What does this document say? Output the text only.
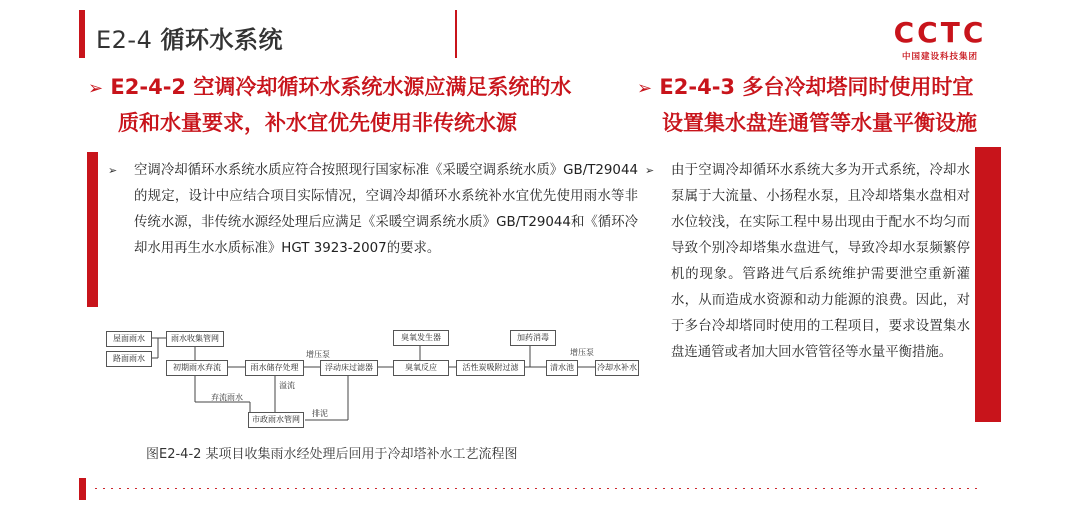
E2-4 循环水系统	CCTC
中国建设科技集团
➢ E2-4-2 空调冷却循环水系统水源应满足系统的水
质和水量要求，补水宜优先使用非传统水源
➢ E2-4-3 多台冷却塔同时使用时宜
设置集水盘连通管等水量平衡设施
➢	空调冷却循环水系统水质应符合按照现行国家标准《采暖空调系统水质》GB/T29044的规定，设计中应结合项目实际情况，空调冷却循环水系统补水宜优先使用雨水等非传统水源，非传统水源经处理后应满足《采暖空调系统水质》GB/T29044和《循环冷却水用再生水水质标准》HGT 3923-2007的要求。
屋面雨水
路面雨水
雨水收集管网
初期雨水弃流	雨水储存处理	浮动床过滤器
臭氧发生器
臭氧反应	活性炭吸附过滤
加药消毒
清水池	冷却水补水
市政雨水管网
增压泵
溢流
弃流雨水
排泥
增压泵
图E2-4-2 某项目收集雨水经处理后回用于冷却塔补水工艺流程图
➢	由于空调冷却循环水系统大多为开式系统，冷却水泵属于大流量、小扬程水泵，且冷却塔集水盘相对水位较浅，在实际工程中易出现由于配水不均匀而导致个别冷却塔集水盘进气，导致冷却水泵频繁停机的现象。管路进气后系统维护需要泄空重新灌水，从而造成水资源和动力能源的浪费。因此，对于多台冷却塔同时使用的工程项目，要求设置集水盘连通管或者加大回水管管径等水量平衡措施。
